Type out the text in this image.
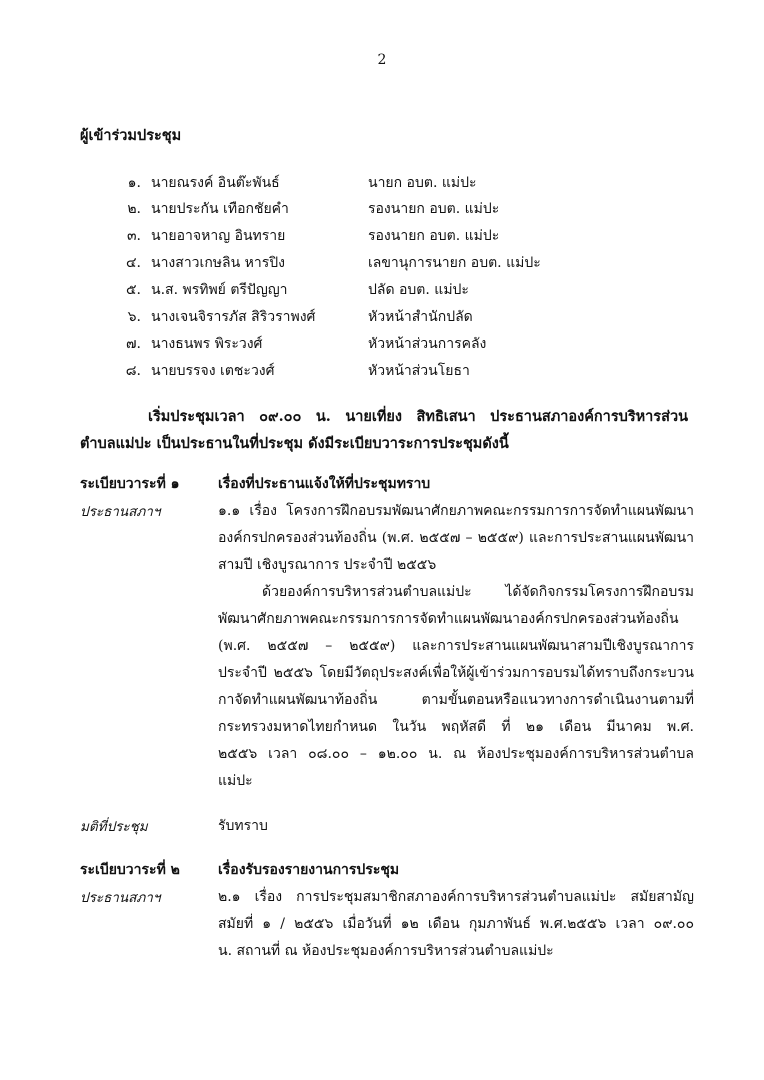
2
ผู้เข้าร่วมประชุม
๑. นายณรงค์ อินต๊ะพันธ์	นายก อบต. แม่ปะ
๒. นายประกัน เทือกชัยคำ	รองนายก อบต. แม่ปะ
๓. นายอาจหาญ อินทราย	รองนายก อบต. แม่ปะ
๔. นางสาวเกษลิน หารปิง	เลขานุการนายก อบต. แม่ปะ
๕. น.ส. พรทิพย์ ตรีปัญญา	ปลัด อบต. แม่ปะ
๖. นางเจนจิรารภัส สิริวราพงศ์	หัวหน้าสำนักปลัด
๗. นางธนพร พิระวงศ์	หัวหน้าส่วนการคลัง
๘. นายบรรจง เตชะวงศ์	หัวหน้าส่วนโยธา
เริ่มประชุมเวลา ๐๙.๐๐ น. นายเที่ยง สิทธิเสนา ประธานสภาองค์การบริหารส่วน
ตำบลแม่ปะ เป็นประธานในที่ประชุม ดังมีระเบียบวาระการประชุมดังนี้
ระเบียบวาระที่ ๑	เรื่องที่ประธานแจ้งให้ที่ประชุมทราบ
ประธานสภาฯ	๑.๑ เรื่อง โครงการฝึกอบรมพัฒนาศักยภาพคณะกรรมการการจัดทำแผนพัฒนา
องค์กรปกครองส่วนท้องถิ่น (พ.ศ. ๒๕๕๗ – ๒๕๕๙) และการประสานแผนพัฒนา
สามปี เชิงบูรณาการ ประจำปี ๒๕๕๖
ด้วยองค์การบริหารส่วนตำบลแม่ปะ ได้จัดกิจกรรมโครงการฝึกอบรม
พัฒนาศักยภาพคณะกรรมการการจัดทำแผนพัฒนาองค์กรปกครองส่วนท้องถิ่น
(พ.ศ. ๒๕๕๗ – ๒๕๕๙) และการประสานแผนพัฒนาสามปีเชิงบูรณาการ
ประจำปี ๒๕๕๖ โดยมีวัตถุประสงค์เพื่อให้ผู้เข้าร่วมการอบรมได้ทราบถึงกระบวน
กาจัดทำแผนพัฒนาท้องถิ่น ตามขั้นตอนหรือแนวทางการดำเนินงานตามที่
กระทรวงมหาดไทยกำหนด ในวัน พฤหัสดี ที่ ๒๑ เดือน มีนาคม พ.ศ.
๒๕๕๖ เวลา ๐๘.๐๐ – ๑๒.๐๐ น. ณ ห้องประชุมองค์การบริหารส่วนตำบล
แม่ปะ
มติที่ประชุม	รับทราบ
ระเบียบวาระที่ ๒	เรื่องรับรองรายงานการประชุม
ประธานสภาฯ	๒.๑ เรื่อง การประชุมสมาชิกสภาองค์การบริหารส่วนตำบลแม่ปะ สมัยสามัญ
สมัยที่ ๑ / ๒๕๕๖ เมื่อวันที่ ๑๒ เดือน กุมภาพันธ์ พ.ศ.๒๕๕๖ เวลา ๐๙.๐๐
น. สถานที่ ณ ห้องประชุมองค์การบริหารส่วนตำบลแม่ปะ
